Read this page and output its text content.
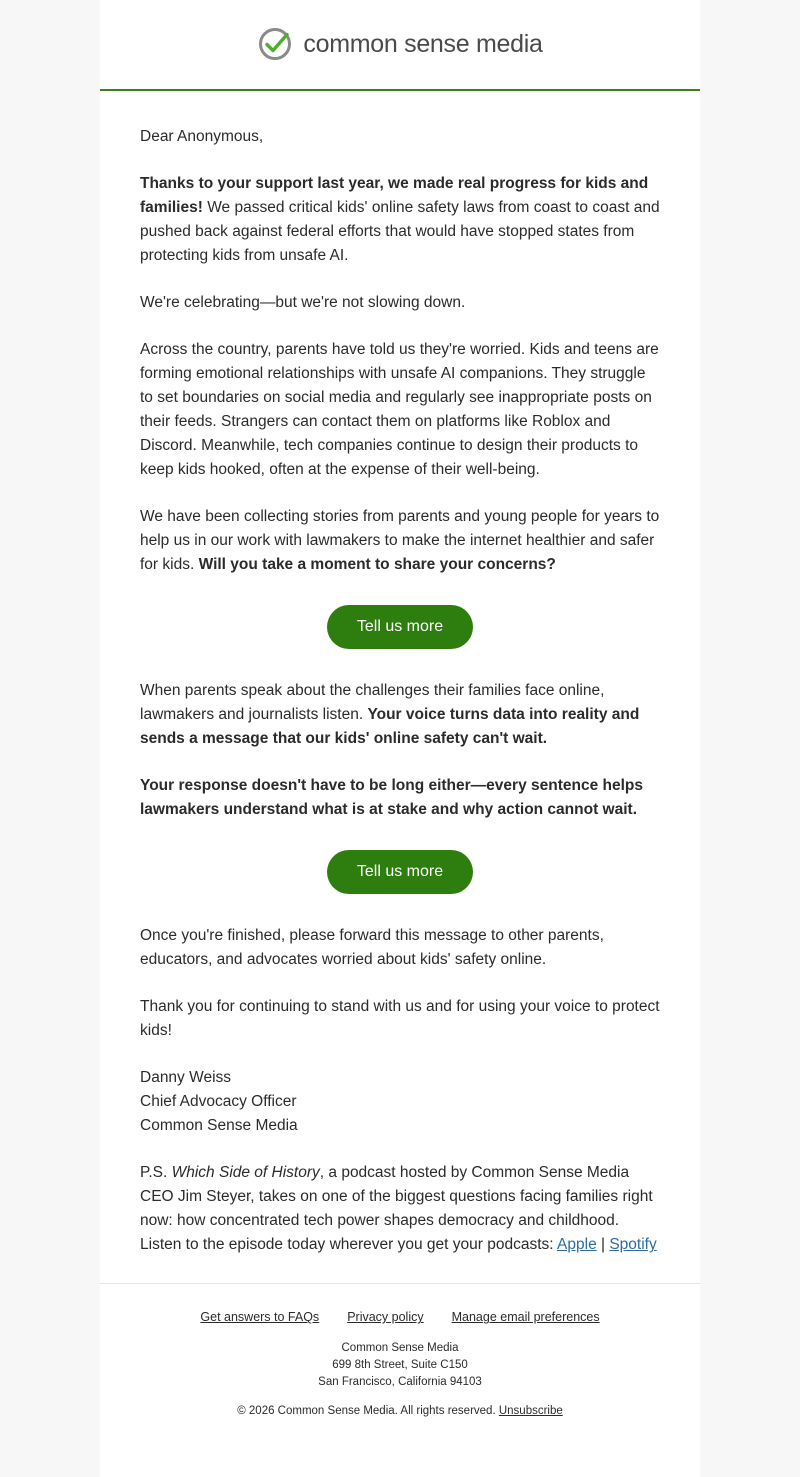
common sense media

Dear Anonymous,

Thanks to your support last year, we made real progress for kids and families! We passed critical kids' online safety laws from coast to coast and pushed back against federal efforts that would have stopped states from protecting kids from unsafe AI.

We're celebrating—but we're not slowing down.

Across the country, parents have told us they're worried. Kids and teens are forming emotional relationships with unsafe AI companions. They struggle to set boundaries on social media and regularly see inappropriate posts on their feeds. Strangers can contact them on platforms like Roblox and Discord. Meanwhile, tech companies continue to design their products to keep kids hooked, often at the expense of their well-being.

We have been collecting stories from parents and young people for years to help us in our work with lawmakers to make the internet healthier and safer for kids. Will you take a moment to share your concerns?

Tell us more

When parents speak about the challenges their families face online, lawmakers and journalists listen. Your voice turns data into reality and sends a message that our kids' online safety can't wait.

Your response doesn't have to be long either—every sentence helps lawmakers understand what is at stake and why action cannot wait.

Tell us more

Once you're finished, please forward this message to other parents, educators, and advocates worried about kids' safety online.

Thank you for continuing to stand with us and for using your voice to protect kids!

Danny Weiss
Chief Advocacy Officer
Common Sense Media

P.S. Which Side of History, a podcast hosted by Common Sense Media CEO Jim Steyer, takes on one of the biggest questions facing families right now: how concentrated tech power shapes democracy and childhood. Listen to the episode today wherever you get your podcasts: Apple | Spotify

Get answers to FAQs Privacy policy Manage email preferences
Common Sense Media
699 8th Street, Suite C150
San Francisco, California 94103
© 2026 Common Sense Media. All rights reserved. Unsubscribe
